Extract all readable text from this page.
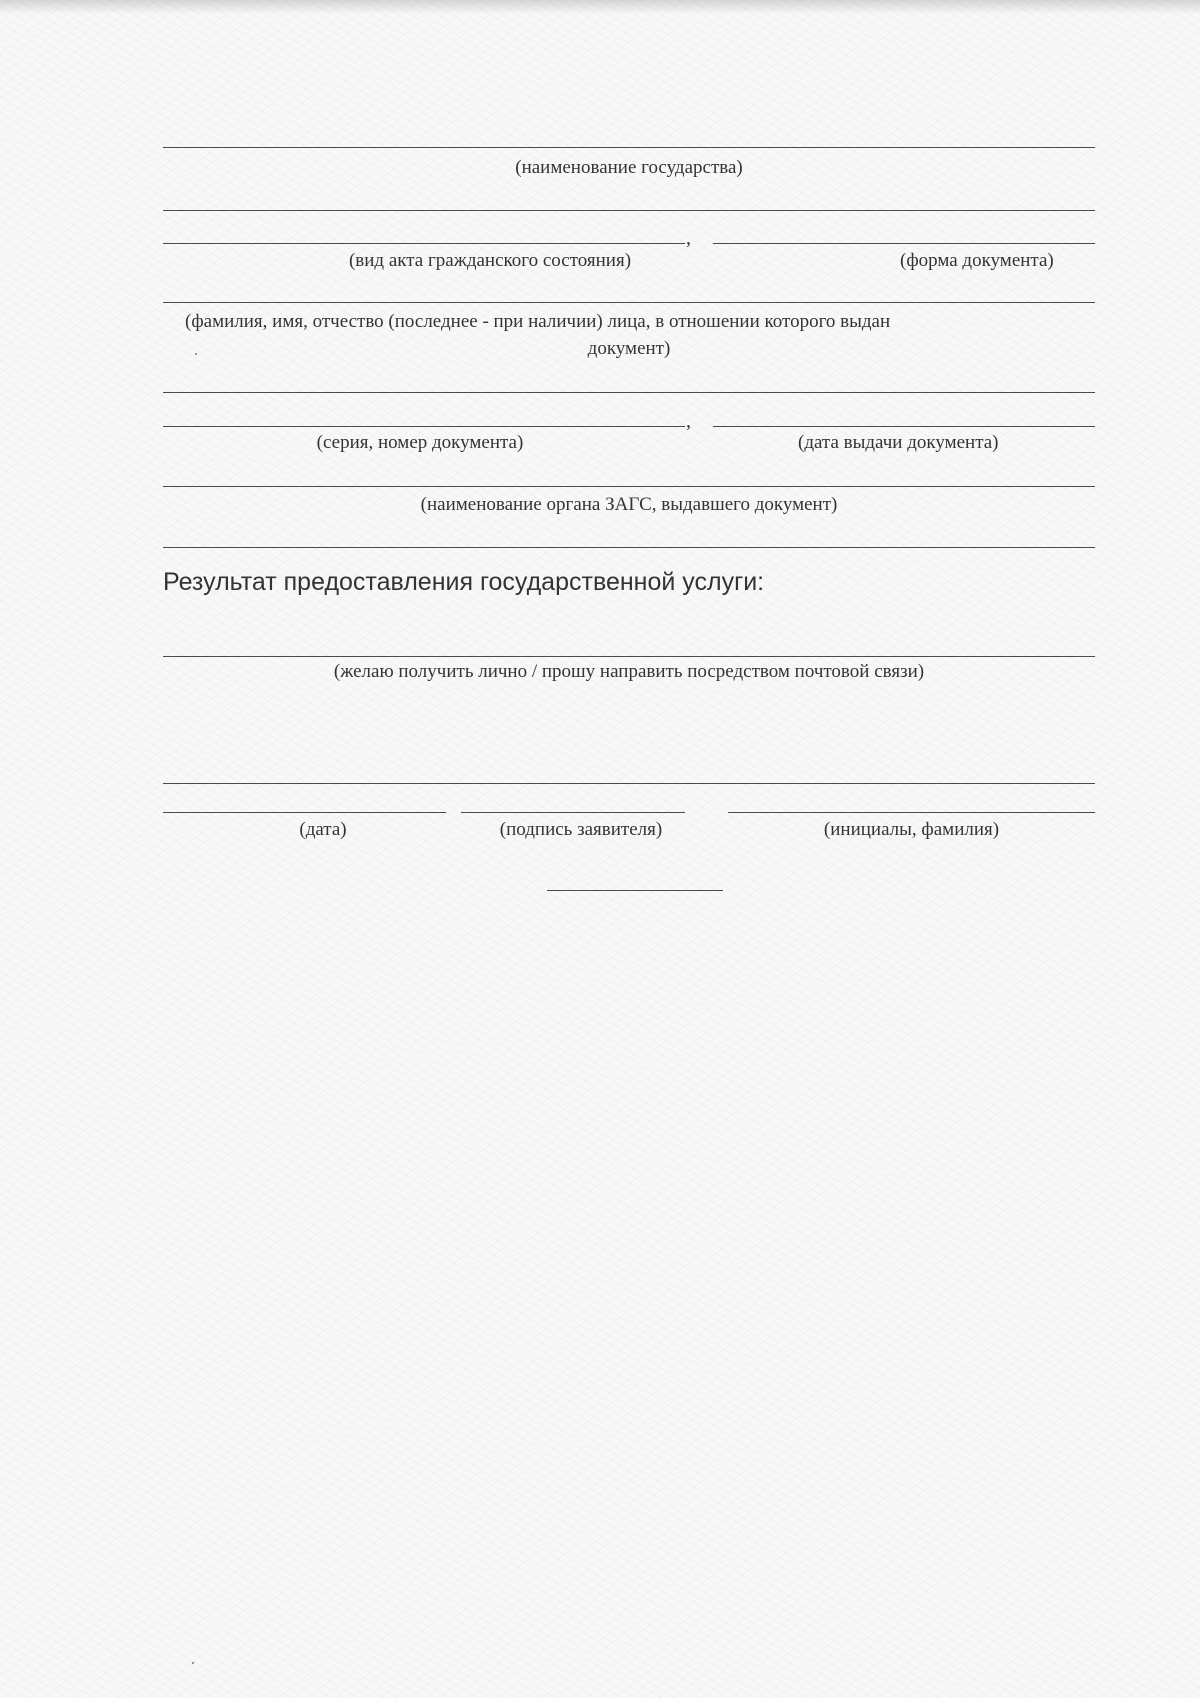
(наименование государства)
,
(вид акта гражданского состояния)	(форма документа)
(фамилия, имя, отчество (последнее - при наличии) лица, в отношении которого выдан
документ)
,
(серия, номер документа)	(дата выдачи документа)
(наименование органа ЗАГС, выдавшего документ)
Результат предоставления государственной услуги:
(желаю получить лично / прошу направить посредством почтовой связи)
(дата)	(подпись заявителя)	(инициалы, фамилия)
